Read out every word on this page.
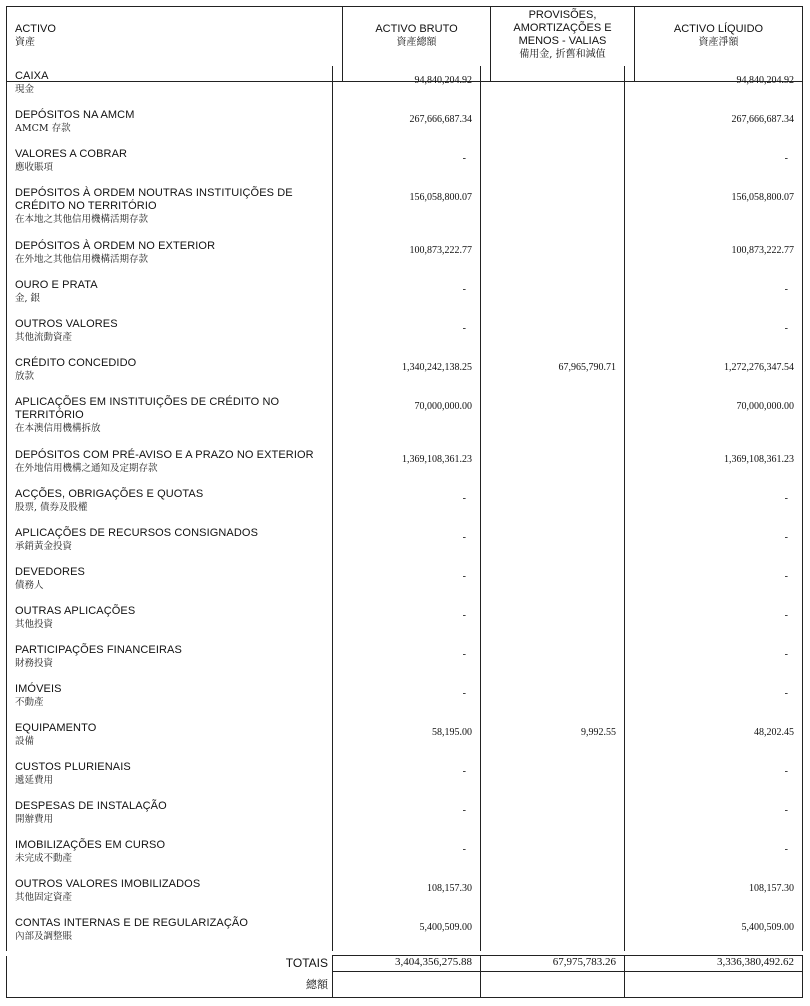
ACTIVO
資產

ACTIVO BRUTO
資產總額

PROVISÕES,
AMORTIZAÇÕES E
MENOS - VALIAS
備用金, 折舊和減值

ACTIVO LÍQUIDO
資產淨額
CAIXA
現金	94,840,204.92		94,840,204.92

DEPÓSITOS NA AMCM
AMCM 存款	267,666,687.34		267,666,687.34

VALORES A COBRAR
應收賬項	-		-

DEPÓSITOS À ORDEM NOUTRAS INSTITUIÇÕES DE CRÉDITO NO TERRITÓRIO
在本地之其他信用機構活期存款	156,058,800.07		156,058,800.07

DEPÓSITOS À ORDEM NO EXTERIOR
在外地之其他信用機構活期存款	100,873,222.77		100,873,222.77

OURO E PRATA
金, 銀	-		-

OUTROS VALORES
其他流動資產	-		-

CRÉDITO CONCEDIDO
放款	1,340,242,138.25	67,965,790.71	1,272,276,347.54

APLICAÇÕES EM INSTITUIÇÕES DE CRÉDITO NO TERRITÓRIO
在本澳信用機構拆放	70,000,000.00		70,000,000.00

DEPÓSITOS COM PRÉ-AVISO E A PRAZO NO EXTERIOR
在外地信用機構之通知及定期存款	1,369,108,361.23		1,369,108,361.23

ACÇÕES, OBRIGAÇÕES E QUOTAS
股票, 債券及股權	-		-

APLICAÇÕES DE RECURSOS CONSIGNADOS
承銷黃金投資	-		-

DEVEDORES
債務人	-		-

OUTRAS APLICAÇÕES
其他投資	-		-

PARTICIPAÇÕES FINANCEIRAS
財務投資	-		-

IMÓVEIS
不動產	-		-

EQUIPAMENTO
設備	58,195.00	9,992.55	48,202.45

CUSTOS PLURIENAIS
遞延費用	-		-

DESPESAS DE INSTALAÇÃO
開辦費用	-		-

IMOBILIZAÇÕES EM CURSO
未完成不動產	-		-

OUTROS VALORES IMOBILIZADOS
其他固定資產	108,157.30		108,157.30

CONTAS INTERNAS E DE REGULARIZAÇÃO
內部及調整賬	5,400,509.00		5,400,509.00
TOTAIS	3,404,356,275.88	67,975,783.26	3,336,380,492.62
總額			
